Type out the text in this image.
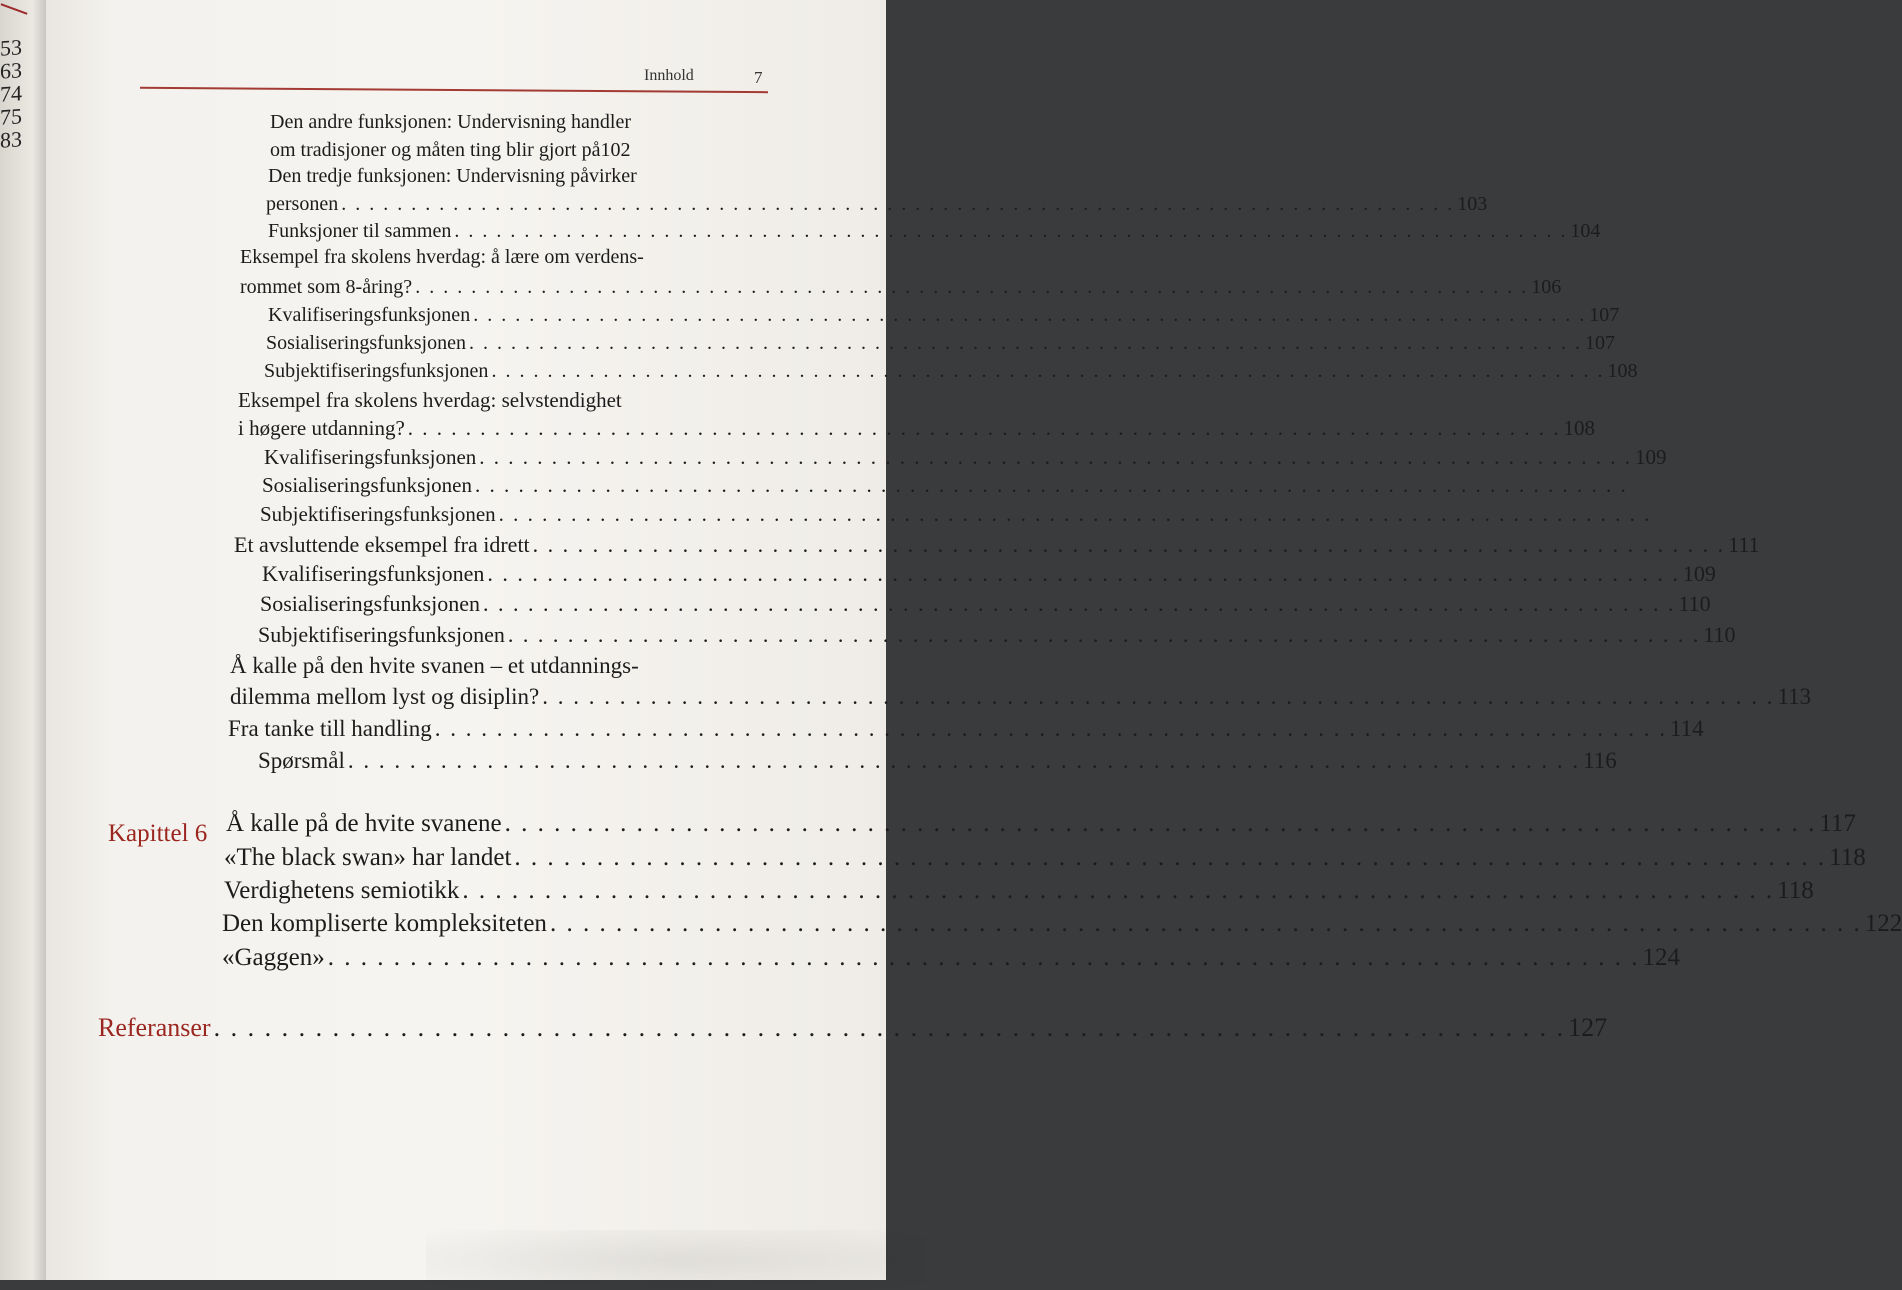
53
63
74
75
83
Innhold	7
Den andre funksjonen: Undervisning handler
om tradisjoner og måten ting blir gjort på 102
Den tredje funksjonen: Undervisning påvirker
personen . . . . . . . . . . . . . . . . . . . . . . . . . . . . . . . . . . . . . . . . . . . . . . . . . . . . . . . . . . . . . . . . . . . . . . . . . . . . . . . . 103
Funksjoner til sammen . . . . . . . . . . . . . . . . . . . . . . . . . . . . . . . . . . . . . . . . . . . . . . . . . . . . . . . . . . . . . . . . . . . . . . . . . . . . . . . . 104
Eksempel fra skolens hverdag: å lære om verdens-
rommet som 8-åring? . . . . . . . . . . . . . . . . . . . . . . . . . . . . . . . . . . . . . . . . . . . . . . . . . . . . . . . . . . . . . . . . . . . . . . . . . . . . . . . . 106
Kvalifiseringsfunksjonen . . . . . . . . . . . . . . . . . . . . . . . . . . . . . . . . . . . . . . . . . . . . . . . . . . . . . . . . . . . . . . . . . . . . . . . . . . . . . . . . 107
Sosialiseringsfunksjonen . . . . . . . . . . . . . . . . . . . . . . . . . . . . . . . . . . . . . . . . . . . . . . . . . . . . . . . . . . . . . . . . . . . . . . . . . . . . . . . . 107
Subjektifiseringsfunksjonen . . . . . . . . . . . . . . . . . . . . . . . . . . . . . . . . . . . . . . . . . . . . . . . . . . . . . . . . . . . . . . . . . . . . . . . . . . . . . . . . 108
Eksempel fra skolens hverdag: selvstendighet
i høgere utdanning? . . . . . . . . . . . . . . . . . . . . . . . . . . . . . . . . . . . . . . . . . . . . . . . . . . . . . . . . . . . . . . . . . . . . . . . . . . . . . . . . 108
Kvalifiseringsfunksjonen . . . . . . . . . . . . . . . . . . . . . . . . . . . . . . . . . . . . . . . . . . . . . . . . . . . . . . . . . . . . . . . . . . . . . . . . . . . . . . . . 109
Sosialiseringsfunksjonen . . . . . . . . . . . . . . . . . . . . . . . . . . . . . . . . . . . . . . . . . . . . . . . . . . . . . . . . . . . . . . . . . . . . . . . . . . . . . . . .
Subjektifiseringsfunksjonen . . . . . . . . . . . . . . . . . . . . . . . . . . . . . . . . . . . . . . . . . . . . . . . . . . . . . . . . . . . . . . . . . . . . . . . . . . . . . . . .
Et avsluttende eksempel fra idrett . . . . . . . . . . . . . . . . . . . . . . . . . . . . . . . . . . . . . . . . . . . . . . . . . . . . . . . . . . . . . . . . . . . . . . . . . . . . . . . . 111
Kvalifiseringsfunksjonen . . . . . . . . . . . . . . . . . . . . . . . . . . . . . . . . . . . . . . . . . . . . . . . . . . . . . . . . . . . . . . . . . . . . . . . . . . . . . . . . 109
Sosialiseringsfunksjonen . . . . . . . . . . . . . . . . . . . . . . . . . . . . . . . . . . . . . . . . . . . . . . . . . . . . . . . . . . . . . . . . . . . . . . . . . . . . . . . . 110
Subjektifiseringsfunksjonen . . . . . . . . . . . . . . . . . . . . . . . . . . . . . . . . . . . . . . . . . . . . . . . . . . . . . . . . . . . . . . . . . . . . . . . . . . . . . . . . 110
Å kalle på den hvite svanen – et utdannings-
dilemma mellom lyst og disiplin? . . . . . . . . . . . . . . . . . . . . . . . . . . . . . . . . . . . . . . . . . . . . . . . . . . . . . . . . . . . . . . . . . . . . . . . . . . . . . . . . 113
Fra tanke till handling . . . . . . . . . . . . . . . . . . . . . . . . . . . . . . . . . . . . . . . . . . . . . . . . . . . . . . . . . . . . . . . . . . . . . . . . . . . . . . . . 114
Spørsmål . . . . . . . . . . . . . . . . . . . . . . . . . . . . . . . . . . . . . . . . . . . . . . . . . . . . . . . . . . . . . . . . . . . . . . . . . . . . . . . . 116
Å kalle på de hvite svanene . . . . . . . . . . . . . . . . . . . . . . . . . . . . . . . . . . . . . . . . . . . . . . . . . . . . . . . . . . . . . . . . . . . . . . . . . . . . . . . . 117
«The black swan» har landet . . . . . . . . . . . . . . . . . . . . . . . . . . . . . . . . . . . . . . . . . . . . . . . . . . . . . . . . . . . . . . . . . . . . . . . . . . . . . . . . 118
Verdighetens semiotikk . . . . . . . . . . . . . . . . . . . . . . . . . . . . . . . . . . . . . . . . . . . . . . . . . . . . . . . . . . . . . . . . . . . . . . . . . . . . . . . . 118
Den kompliserte kompleksiteten . . . . . . . . . . . . . . . . . . . . . . . . . . . . . . . . . . . . . . . . . . . . . . . . . . . . . . . . . . . . . . . . . . . . . . . . . . . . . . . . 122
«Gaggen» . . . . . . . . . . . . . . . . . . . . . . . . . . . . . . . . . . . . . . . . . . . . . . . . . . . . . . . . . . . . . . . . . . . . . . . . . . . . . . . . 124
Referanser . . . . . . . . . . . . . . . . . . . . . . . . . . . . . . . . . . . . . . . . . . . . . . . . . . . . . . . . . . . . . . . . . . . . . . . . . . . . . . . . 127
Kapittel 6
